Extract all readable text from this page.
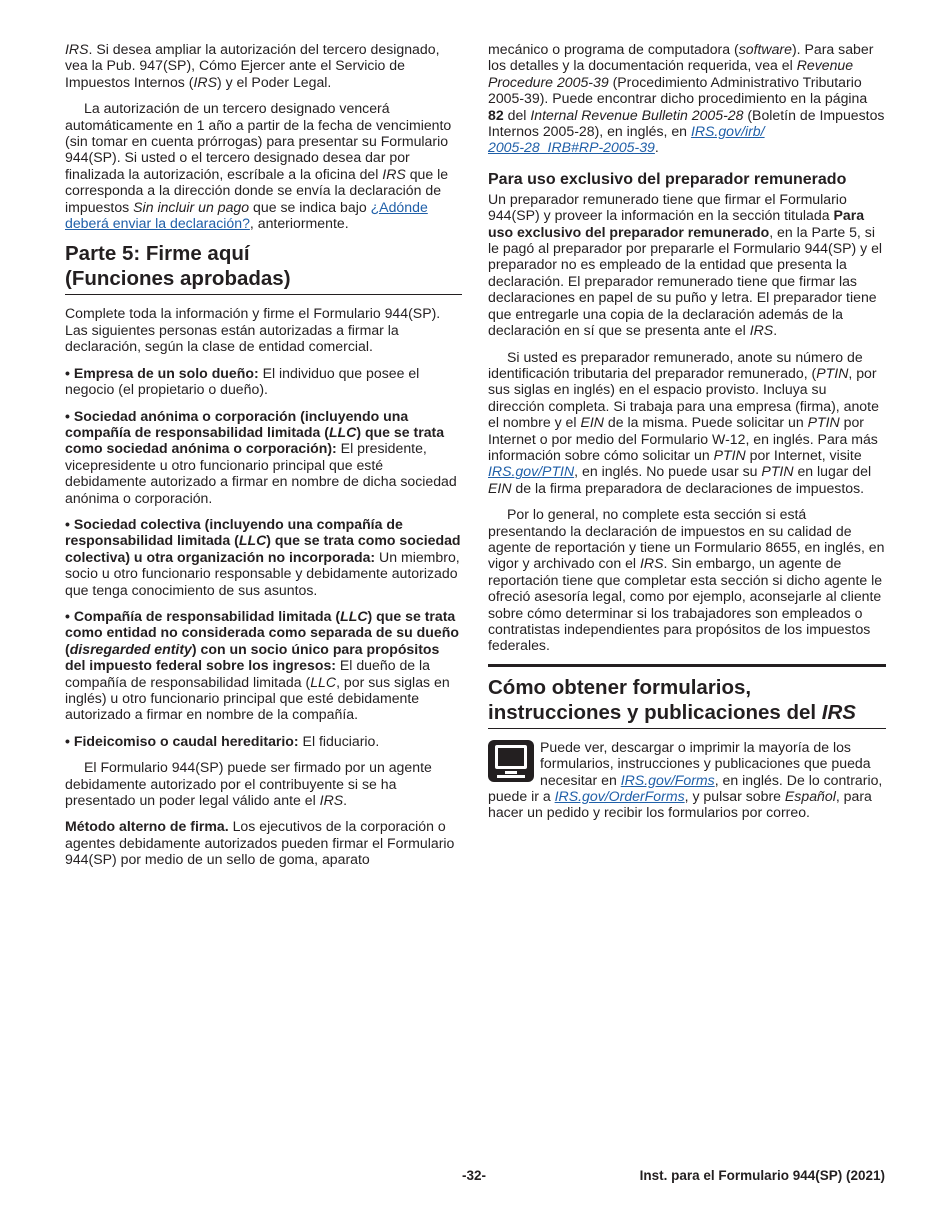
IRS. Si desea ampliar la autorización del tercero designado, vea la Pub. 947(SP), Cómo Ejercer ante el Servicio de Impuestos Internos (IRS) y el Poder Legal.

La autorización de un tercero designado vencerá automáticamente en 1 año a partir de la fecha de vencimiento (sin tomar en cuenta prórrogas) para presentar su Formulario 944(SP). Si usted o el tercero designado desea dar por finalizada la autorización, escríbale a la oficina del IRS que le corresponda a la dirección donde se envía la declaración de impuestos Sin incluir un pago que se indica bajo ¿Adónde deberá enviar la declaración?, anteriormente.

Parte 5: Firme aquí
(Funciones aprobadas)

Complete toda la información y firme el Formulario 944(SP). Las siguientes personas están autorizadas a firmar la declaración, según la clase de entidad comercial.

• Empresa de un solo dueño: El individuo que posee el negocio (el propietario o dueño).

• Sociedad anónima o corporación (incluyendo una compañía de responsabilidad limitada (LLC) que se trata como sociedad anónima o corporación): El presidente, vicepresidente u otro funcionario principal que esté debidamente autorizado a firmar en nombre de dicha sociedad anónima o corporación.

• Sociedad colectiva (incluyendo una compañía de responsabilidad limitada (LLC) que se trata como sociedad colectiva) u otra organización no incorporada: Un miembro, socio u otro funcionario responsable y debidamente autorizado que tenga conocimiento de sus asuntos.

• Compañía de responsabilidad limitada (LLC) que se trata como entidad no considerada como separada de su dueño (disregarded entity) con un socio único para propósitos del impuesto federal sobre los ingresos: El dueño de la compañía de responsabilidad limitada (LLC, por sus siglas en inglés) u otro funcionario principal que esté debidamente autorizado a firmar en nombre de la compañía.

• Fideicomiso o caudal hereditario: El fiduciario.

El Formulario 944(SP) puede ser firmado por un agente debidamente autorizado por el contribuyente si se ha presentado un poder legal válido ante el IRS.

Método alterno de firma. Los ejecutivos de la corporación o agentes debidamente autorizados pueden firmar el Formulario 944(SP) por medio de un sello de goma, aparato

mecánico o programa de computadora (software). Para saber los detalles y la documentación requerida, vea el Revenue Procedure 2005-39 (Procedimiento Administrativo Tributario 2005-39). Puede encontrar dicho procedimiento en la página 82 del Internal Revenue Bulletin 2005-28 (Boletín de Impuestos Internos 2005-28), en inglés, en IRS.gov/irb/
2005-28_IRB#RP-2005-39.

Para uso exclusivo del preparador remunerado

Un preparador remunerado tiene que firmar el Formulario 944(SP) y proveer la información en la sección titulada Para uso exclusivo del preparador remunerado, en la Parte 5, si le pagó al preparador por prepararle el Formulario 944(SP) y el preparador no es empleado de la entidad que presenta la declaración. El preparador remunerado tiene que firmar las declaraciones en papel de su puño y letra. El preparador tiene que entregarle una copia de la declaración además de la declaración en sí que se presenta ante el IRS.

Si usted es preparador remunerado, anote su número de identificación tributaria del preparador remunerado, (PTIN, por sus siglas en inglés) en el espacio provisto. Incluya su dirección completa. Si trabaja para una empresa (firma), anote el nombre y el EIN de la misma. Puede solicitar un PTIN por Internet o por medio del Formulario W-12, en inglés. Para más información sobre cómo solicitar un PTIN por Internet, visite IRS.gov/PTIN, en inglés. No puede usar su PTIN en lugar del EIN de la firma preparadora de declaraciones de impuestos.

Por lo general, no complete esta sección si está presentando la declaración de impuestos en su calidad de agente de reportación y tiene un Formulario 8655, en inglés, en vigor y archivado con el IRS. Sin embargo, un agente de reportación tiene que completar esta sección si dicho agente le ofreció asesoría legal, como por ejemplo, aconsejarle al cliente sobre cómo determinar si los trabajadores son empleados o contratistas independientes para propósitos de los impuestos federales.

Cómo obtener formularios,
instrucciones y publicaciones del IRS
Puede ver, descargar o imprimir la mayoría de los formularios, instrucciones y publicaciones que pueda necesitar en IRS.gov/Forms, en inglés. De lo contrario, puede ir a IRS.gov/OrderForms, y pulsar sobre Español, para hacer un pedido y recibir los formularios por correo.
-32-	Inst. para el Formulario 944(SP) (2021)
